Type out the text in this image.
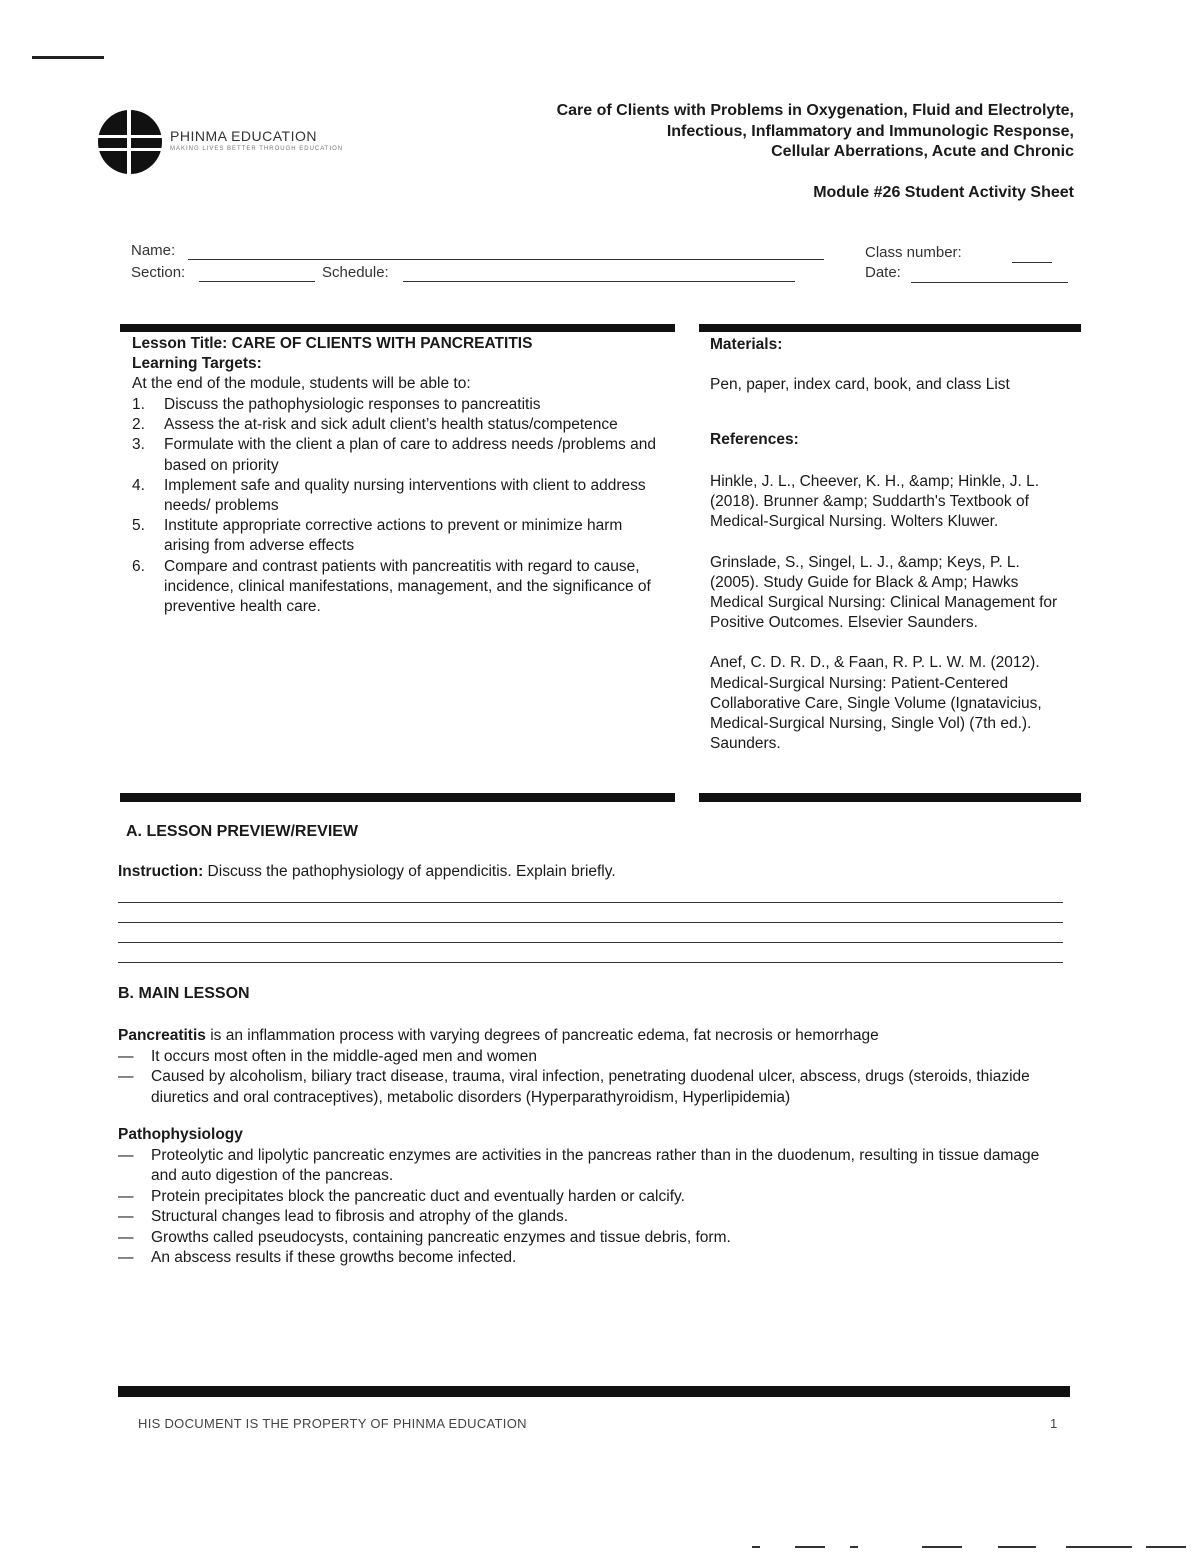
PHINMA EDUCATION
MAKING LIVES BETTER THROUGH EDUCATION
Care of Clients with Problems in Oxygenation, Fluid and Electrolyte,
Infectious, Inflammatory and Immunologic Response,
Cellular Aberrations, Acute and Chronic
Module #26 Student Activity Sheet
Name:	Class number:
Section:	Schedule:	Date:
Lesson Title: CARE OF CLIENTS WITH PANCREATITIS
Learning Targets:
At the end of the module, students will be able to:
1. Discuss the pathophysiologic responses to pancreatitis
2. Assess the at-risk and sick adult client’s health status/competence
3. Formulate with the client a plan of care to address needs /problems and based on priority
4. Implement safe and quality nursing interventions with client to address needs/ problems
5. Institute appropriate corrective actions to prevent or minimize harm arising from adverse effects
6. Compare and contrast patients with pancreatitis with regard to cause, incidence, clinical manifestations, management, and the significance of preventive health care.
Materials:
Pen, paper, index card, book, and class List
References:

Hinkle, J. L., Cheever, K. H., &amp; Hinkle, J. L. (2018). Brunner &amp; Suddarth's Textbook of Medical-Surgical Nursing. Wolters Kluwer.

Grinslade, S., Singel, L. J., &amp; Keys, P. L. (2005). Study Guide for Black & Amp; Hawks Medical Surgical Nursing: Clinical Management for Positive Outcomes. Elsevier Saunders.

Anef, C. D. R. D., & Faan, R. P. L. W. M. (2012). Medical-Surgical Nursing: Patient-Centered Collaborative Care, Single Volume (Ignatavicius, Medical-Surgical Nursing, Single Vol) (7th ed.). Saunders.

A. LESSON PREVIEW/REVIEW
Instruction: Discuss the pathophysiology of appendicitis. Explain briefly.
B. MAIN LESSON

Pancreatitis is an inflammation process with varying degrees of pancreatic edema, fat necrosis or hemorrhage

— It occurs most often in the middle-aged men and women
— Caused by alcoholism, biliary tract disease, trauma, viral infection, penetrating duodenal ulcer, abscess, drugs (steroids, thiazide diuretics and oral contraceptives), metabolic disorders (Hyperparathyroidism, Hyperlipidemia)

Pathophysiology

— Proteolytic and lipolytic pancreatic enzymes are activities in the pancreas rather than in the duodenum, resulting in tissue damage and auto digestion of the pancreas.
— Protein precipitates block the pancreatic duct and eventually harden or calcify.
— Structural changes lead to fibrosis and atrophy of the glands.
— Growths called pseudocysts, containing pancreatic enzymes and tissue debris, form.
— An abscess results if these growths become infected.
HIS DOCUMENT IS THE PROPERTY OF PHINMA EDUCATION	1
